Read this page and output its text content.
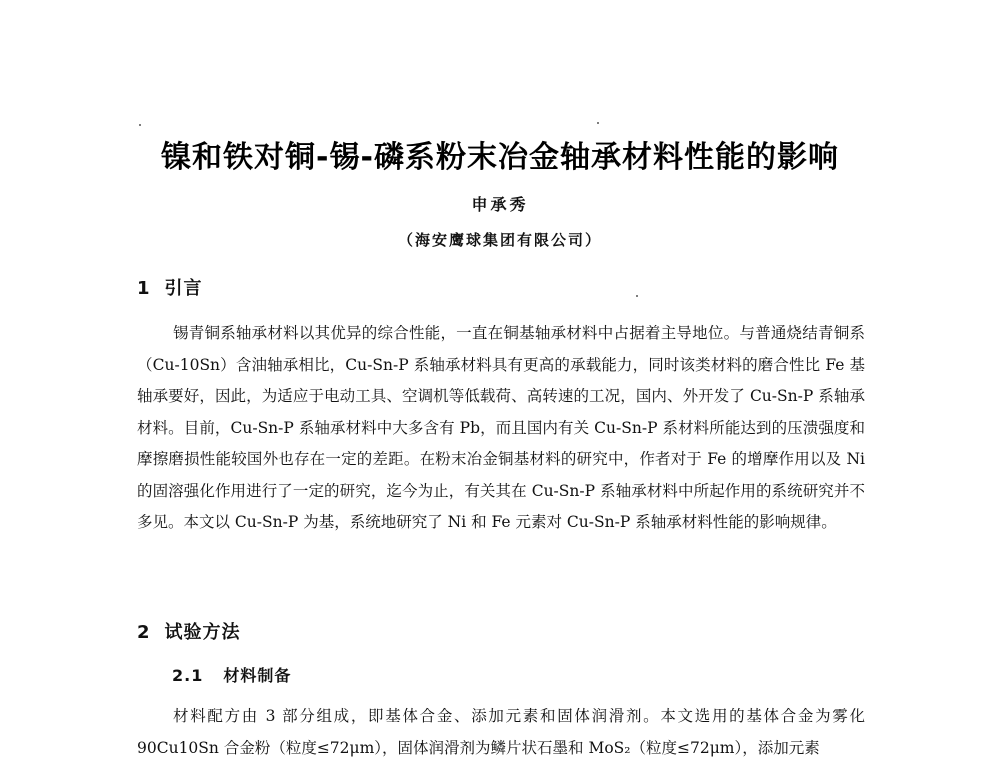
镍和铁对铜-锡-磷系粉末冶金轴承材料性能的影响
申承秀
（海安鹰球集团有限公司）
1 引言

锡青铜系轴承材料以其优异的综合性能，一直在铜基轴承材料中占据着主导地位。与普通烧结青铜系（Cu-10Sn）含油轴承相比，Cu-Sn-P 系轴承材料具有更高的承载能力，同时该类材料的磨合性比 Fe 基轴承要好，因此，为适应于电动工具、空调机等低载荷、高转速的工况，国内、外开发了 Cu-Sn-P 系轴承材料。目前，Cu-Sn-P 系轴承材料中大多含有 Pb，而且国内有关 Cu-Sn-P 系材料所能达到的压溃强度和摩擦磨损性能较国外也存在一定的差距。在粉末冶金铜基材料的研究中，作者对于 Fe 的增摩作用以及 Ni 的固溶强化作用进行了一定的研究，迄今为止，有关其在 Cu-Sn-P 系轴承材料中所起作用的系统研究并不多见。本文以 Cu-Sn-P 为基，系统地研究了 Ni 和 Fe 元素对 Cu-Sn-P 系轴承材料性能的影响规律。

2 试验方法
2.1 材料制备

材料配方由 3 部分组成，即基体合金、添加元素和固体润滑剂。本文选用的基体合金为雾化 90Cu10Sn 合金粉（粒度≤72μm），固体润滑剂为鳞片状石墨和 MoS₂（粒度≤72μm），添加元素
